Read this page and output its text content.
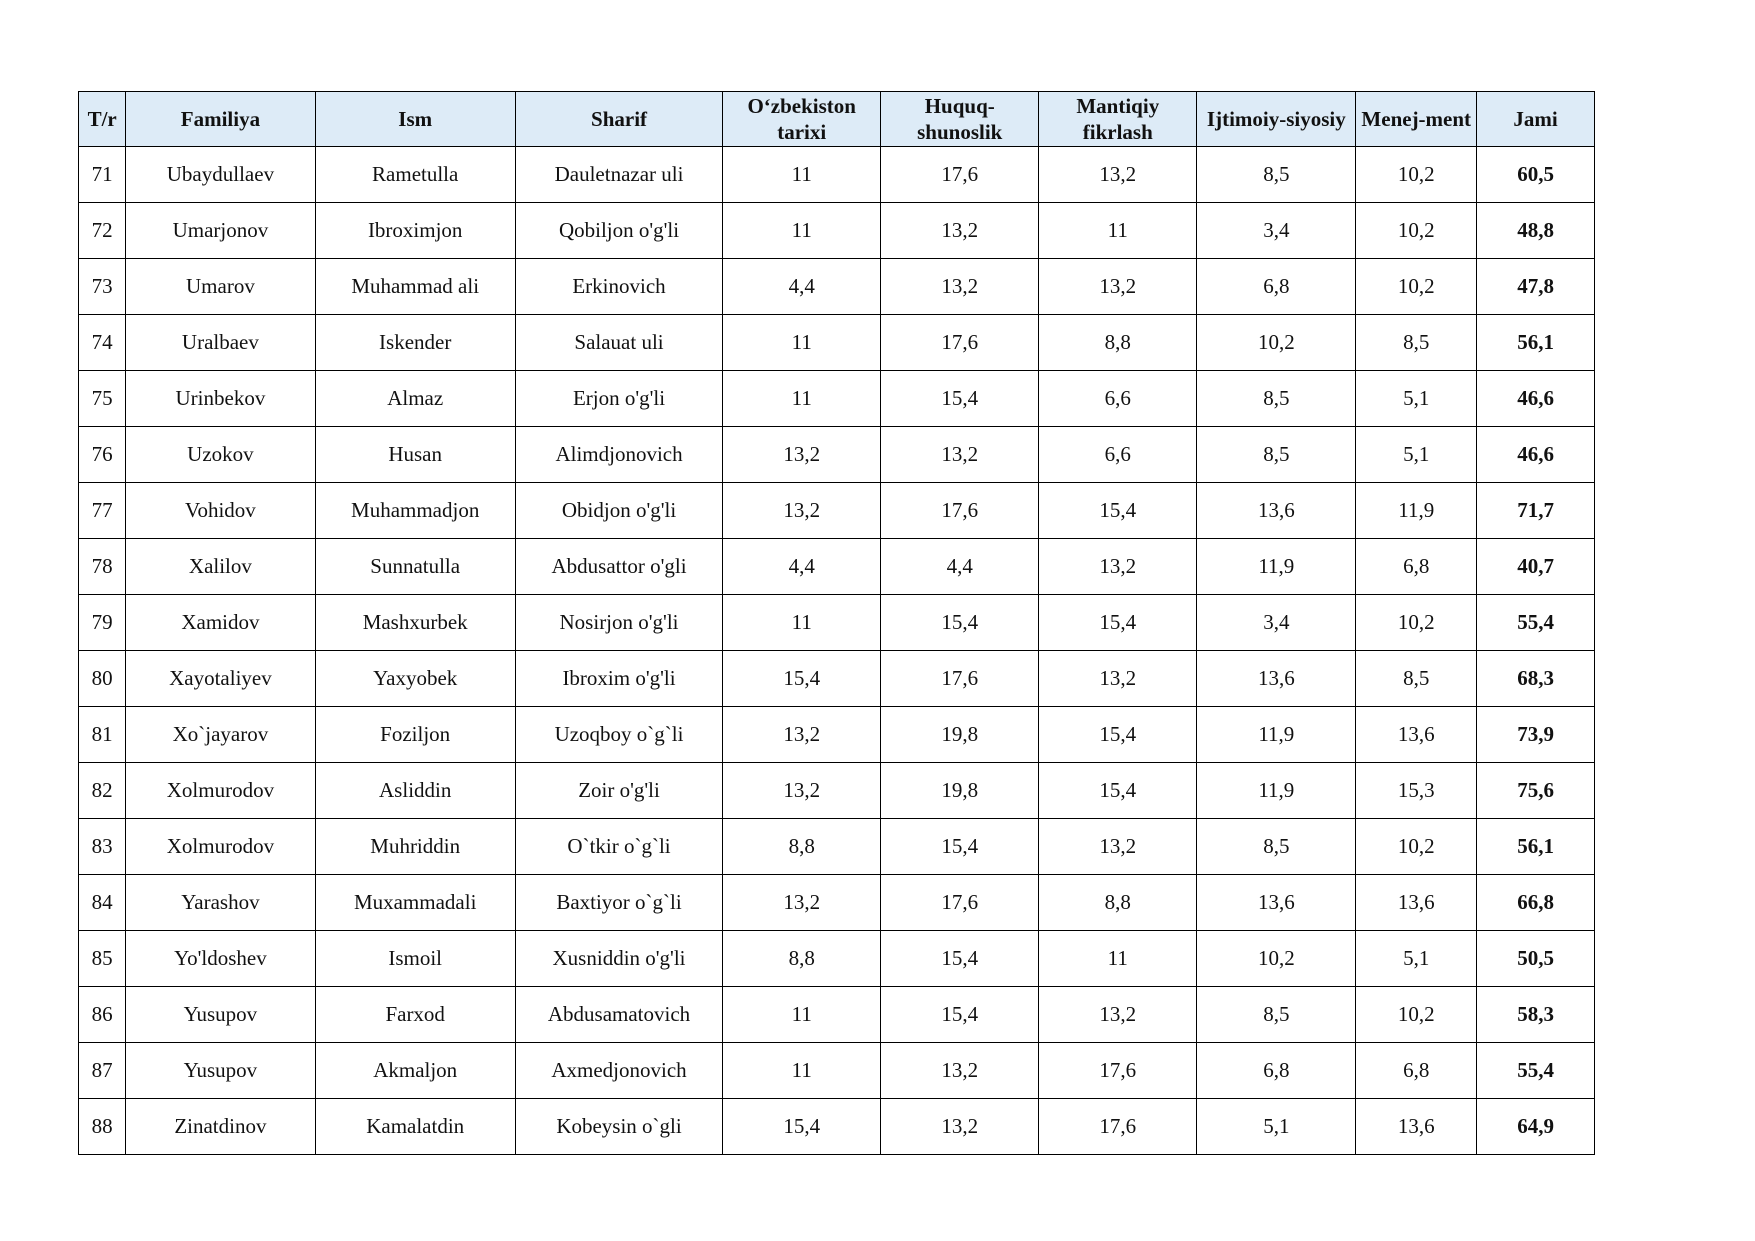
T/r	Familiya	Ism	Sharif	O‘zbekiston tarixi	Huquq-shunoslik	Mantiqiy fikrlash	Ijtimoiy-siyosiy	Menej-ment	Jami
71	Ubaydullaev	Rametulla	Dauletnazar uli	11	17,6	13,2	8,5	10,2	60,5
72	Umarjonov	Ibroximjon	Qobiljon o'g'li	11	13,2	11	3,4	10,2	48,8
73	Umarov	Muhammad ali	Erkinovich	4,4	13,2	13,2	6,8	10,2	47,8
74	Uralbaev	Iskender	Salauat uli	11	17,6	8,8	10,2	8,5	56,1
75	Urinbekov	Almaz	Erjon o'g'li	11	15,4	6,6	8,5	5,1	46,6
76	Uzokov	Husan	Alimdjonovich	13,2	13,2	6,6	8,5	5,1	46,6
77	Vohidov	Muhammadjon	Obidjon o'g'li	13,2	17,6	15,4	13,6	11,9	71,7
78	Xalilov	Sunnatulla	Abdusattor o'gli	4,4	4,4	13,2	11,9	6,8	40,7
79	Xamidov	Mashxurbek	Nosirjon o'g'li	11	15,4	15,4	3,4	10,2	55,4
80	Xayotaliyev	Yaxyobek	Ibroxim o'g'li	15,4	17,6	13,2	13,6	8,5	68,3
81	Xo`jayarov	Foziljon	Uzoqboy o`g`li	13,2	19,8	15,4	11,9	13,6	73,9
82	Xolmurodov	Asliddin	Zoir o'g'li	13,2	19,8	15,4	11,9	15,3	75,6
83	Xolmurodov	Muhriddin	O`tkir o`g`li	8,8	15,4	13,2	8,5	10,2	56,1
84	Yarashov	Muxammadali	Baxtiyor o`g`li	13,2	17,6	8,8	13,6	13,6	66,8
85	Yo'ldoshev	Ismoil	Xusniddin o'g'li	8,8	15,4	11	10,2	5,1	50,5
86	Yusupov	Farxod	Abdusamatovich	11	15,4	13,2	8,5	10,2	58,3
87	Yusupov	Akmaljon	Axmedjonovich	11	13,2	17,6	6,8	6,8	55,4
88	Zinatdinov	Kamalatdin	Kobeysin o`gli	15,4	13,2	17,6	5,1	13,6	64,9
